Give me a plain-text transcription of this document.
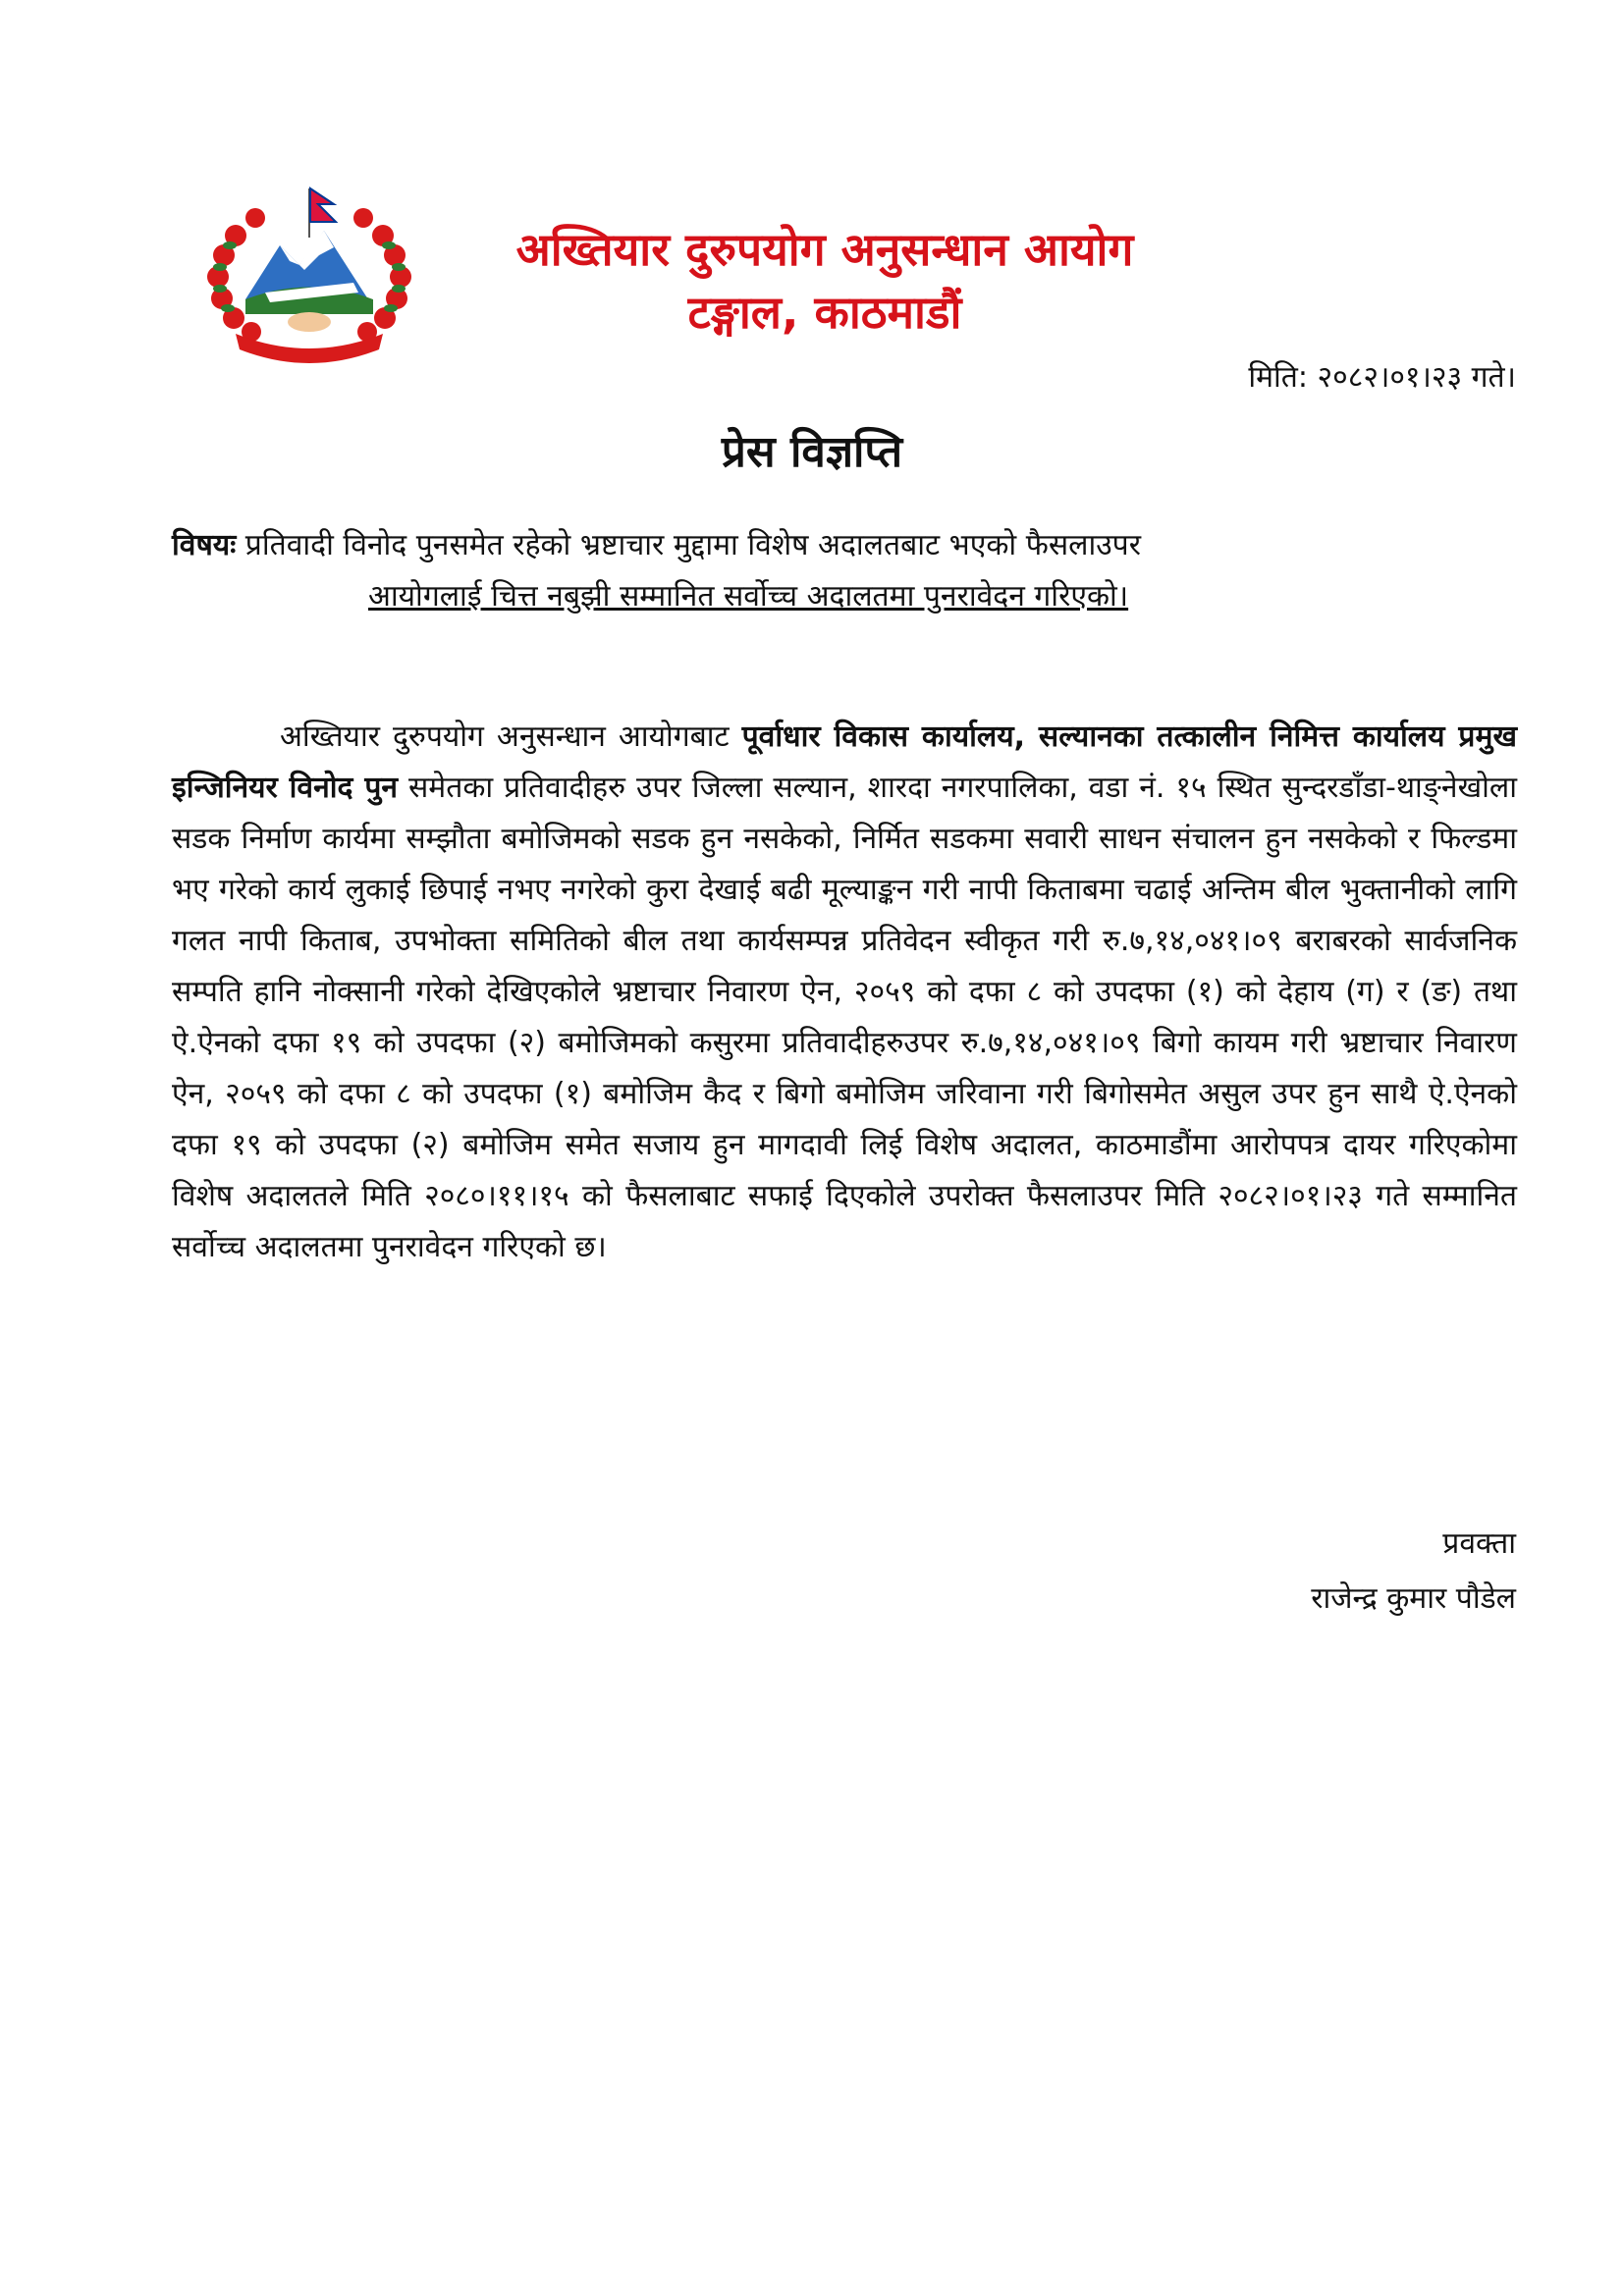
अख्तियार दुरुपयोग अनुसन्धान आयोग
टङ्गाल, काठमाडौं
मिति: २०८२।०१।२३ गते।
प्रेस विज्ञप्ति
विषयः प्रतिवादी विनोद पुनसमेत रहेको भ्रष्टाचार मुद्दामा विशेष अदालतबाट भएको फैसलाउपर
आयोगलाई चित्त नबुझी सम्मानित सर्वोच्च अदालतमा पुनरावेदन गरिएको।
अख्तियार दुरुपयोग अनुसन्धान आयोगबाट पूर्वाधार विकास कार्यालय, सल्यानका तत्कालीन निमित्त कार्यालय प्रमुख इन्जिनियर विनोद पुन समेतका प्रतिवादीहरु उपर जिल्ला सल्यान, शारदा नगरपालिका, वडा नं. १५ स्थित सुन्दरडाँडा-थाङ्नेखोला सडक निर्माण कार्यमा सम्झौता बमोजिमको सडक हुन नसकेको, निर्मित सडकमा सवारी साधन संचालन हुन नसकेको र फिल्डमा भए गरेको कार्य लुकाई छिपाई नभए नगरेको कुरा देखाई बढी मूल्याङ्कन गरी नापी किताबमा चढाई अन्तिम बील भुक्तानीको लागि गलत नापी किताब, उपभोक्ता समितिको बील तथा कार्यसम्पन्न प्रतिवेदन स्वीकृत गरी रु.७,१४,०४१।०९ बराबरको सार्वजनिक सम्पति हानि नोक्सानी गरेको देखिएकोले भ्रष्टाचार निवारण ऐन, २०५९ को दफा ८ को उपदफा (१) को देहाय (ग) र (ङ) तथा ऐ.ऐनको दफा १९ को उपदफा (२) बमोजिमको कसुरमा प्रतिवादीहरुउपर रु.७,१४,०४१।०९ बिगो कायम गरी भ्रष्टाचार निवारण ऐन, २०५९ को दफा ८ को उपदफा (१) बमोजिम कैद र बिगो बमोजिम जरिवाना गरी बिगोसमेत असुल उपर हुन साथै ऐ.ऐनको दफा १९ को उपदफा (२) बमोजिम समेत सजाय हुन मागदावी लिई विशेष अदालत, काठमाडौंमा आरोपपत्र दायर गरिएकोमा विशेष अदालतले मिति २०८०।११।१५ को फैसलाबाट सफाई दिएकोले उपरोक्त फैसलाउपर मिति २०८२।०१।२३ गते सम्मानित सर्वोच्च अदालतमा पुनरावेदन गरिएको छ।
प्रवक्ता
राजेन्द्र कुमार पौडेल
